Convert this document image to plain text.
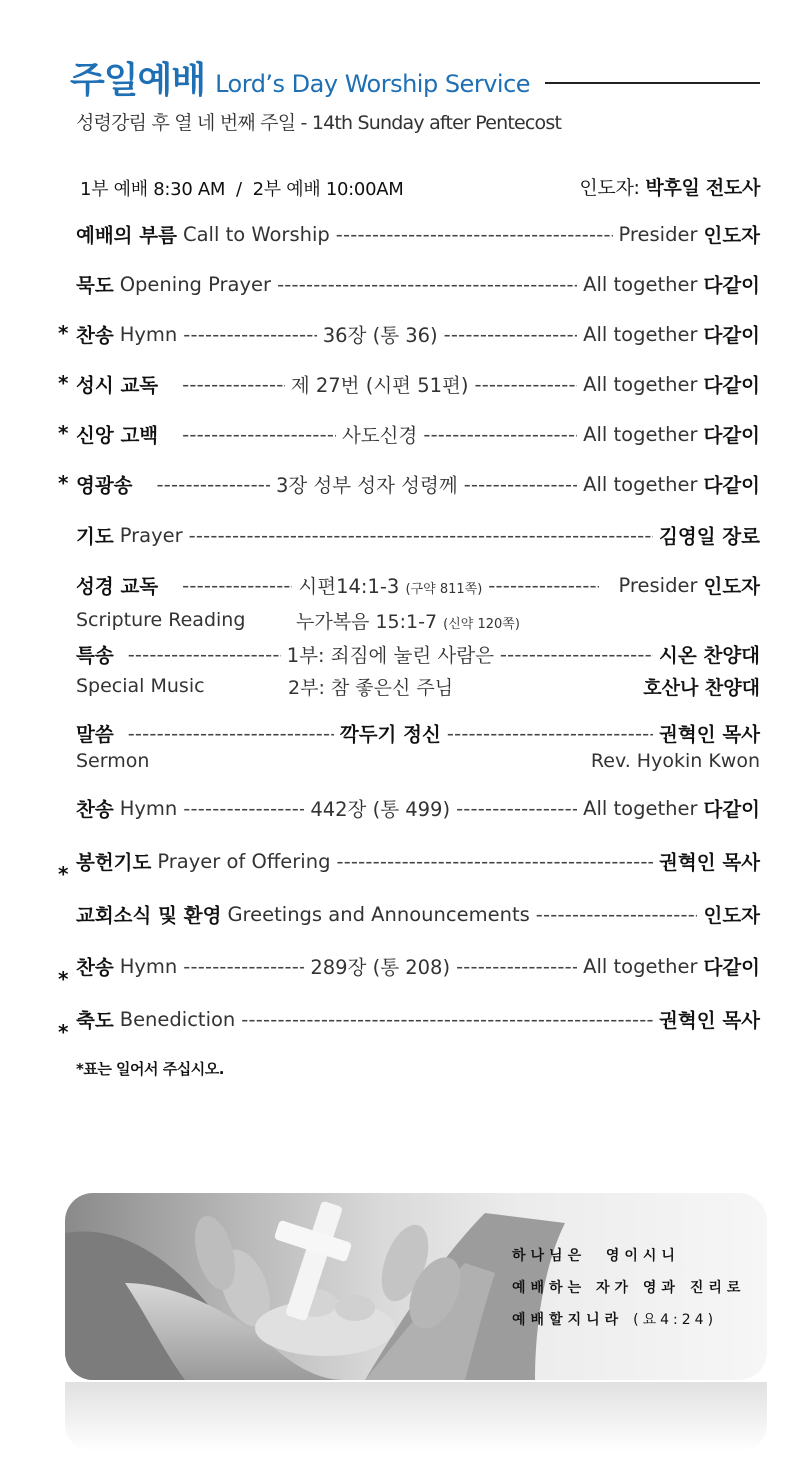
주일예배 Lord’s Day Worship Service
성령강림 후 열 네 번째 주일 - 14th Sunday after Pentecost
1부 예배 8:30 AM / 2부 예배 10:00AM	인도자: 박후일 전도사
예배의 부름 Call to Worship - - -	Presider 인도자
묵도 Opening Prayer - - -	All together 다같이
* 찬송 Hymn - - -	36장 (통 36) - - -	All together 다같이
* 성시 교독 - - -	제 27번 (시편 51편) - - -	All together 다같이
* 신앙 고백 - - -	사도신경 - - -	All together 다같이
* 영광송 - - -	3장 성부 성자 성령께 - - -	All together 다같이
기도 Prayer - - -	김영일 장로
성경 교독 - - -	시편14:1-3 (구약 811쪽) - - -	Presider 인도자
Scripture Reading	누가복음 15:1-7 (신약 120쪽)
특송 - - -	1부: 죄짐에 눌린 사람은 - - -	시온 찬양대
Special Music	2부: 참 좋은신 주님	호산나 찬양대
말씀 - - -	깍두기 정신 - - -	권혁인 목사
Sermon	Rev. Hyokin Kwon
찬송 Hymn - - -	442장 (통 499) - - -	All together 다같이
* 봉헌기도 Prayer of Offering - - -	권혁인 목사
교회소식 및 환영 Greetings and Announcements - - -	인도자
* 찬송 Hymn - - -	289장 (통 208) - - -	All together 다같이
* 축도 Benediction - - -	권혁인 목사
*표는 일어서 주십시오.
하나님은  영이시니
예배하는 자가 영과 진리로
예배할지니라 (요4:24)
